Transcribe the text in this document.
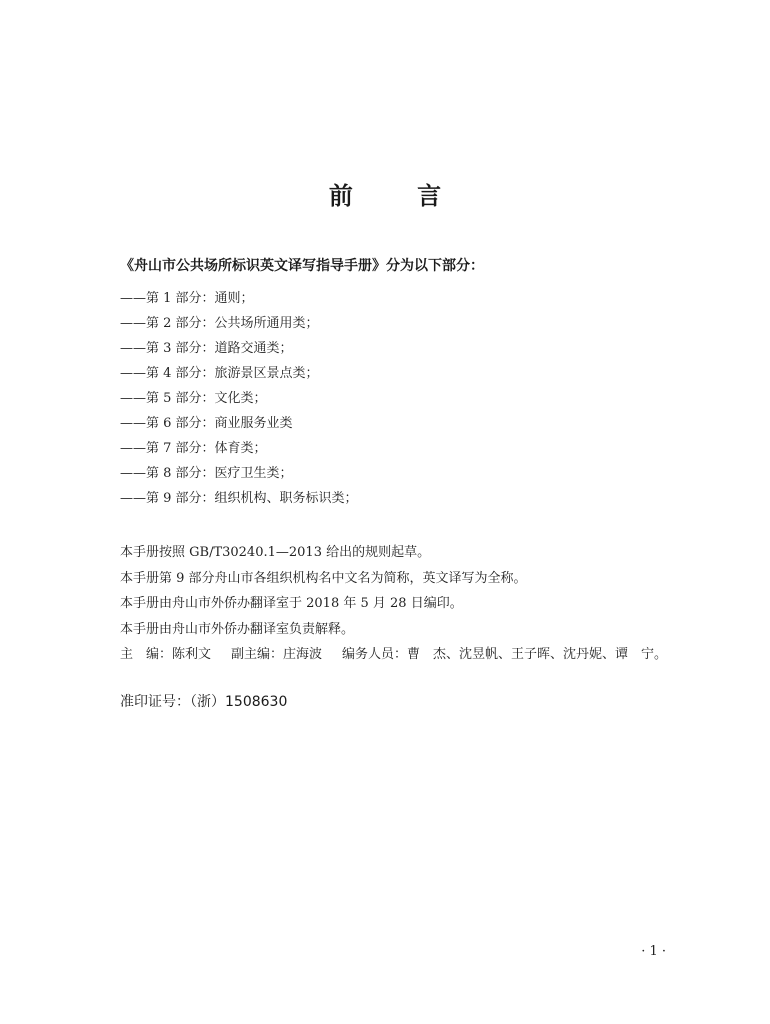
前 言
《舟山市公共场所标识英文译写指导手册》分为以下部分：
——第 1 部分：通则；
——第 2 部分：公共场所通用类；
——第 3 部分：道路交通类；
——第 4 部分：旅游景区景点类；
——第 5 部分：文化类；
——第 6 部分：商业服务业类
——第 7 部分：体育类；
——第 8 部分：医疗卫生类；
——第 9 部分：组织机构、职务标识类；
本手册按照 GB/T30240.1—2013 给出的规则起草。
本手册第 9 部分舟山市各组织机构名中文名为简称，英文译写为全称。
本手册由舟山市外侨办翻译室于 2018 年 5 月 28 日编印。
本手册由舟山市外侨办翻译室负责解释。
主　编：陈利文 副主编：庄海波 编务人员：曹　杰、沈昱帆、王子晖、沈丹妮、谭　宁。
准印证号：（浙）1508630
· 1 ·
